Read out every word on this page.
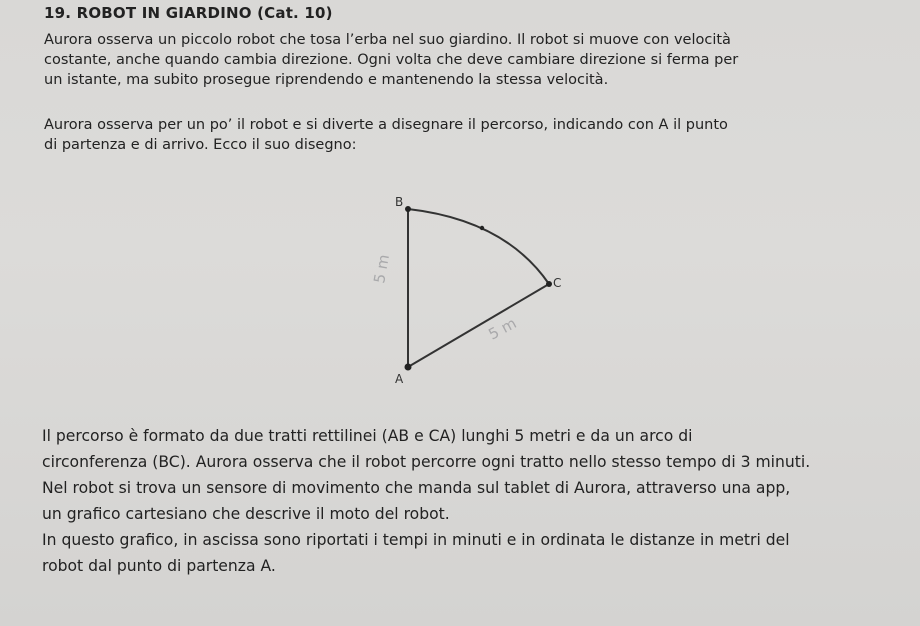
19. ROBOT IN GIARDINO (Cat. 10)
Aurora osserva un piccolo robot che tosa l’erba nel suo giardino. Il robot si muove con velocità
costante, anche quando cambia direzione. Ogni volta che deve cambiare direzione si ferma per
un istante, ma subito prosegue riprendendo e mantenendo la stessa velocità.
Aurora osserva per un po’ il robot e si diverte a disegnare il percorso, indicando con A il punto
di partenza e di arrivo. Ecco il suo disegno:
B
C
A
5 m
5 m
Il percorso è formato da due tratti rettilinei (AB e CA) lunghi 5 metri e da un arco di
circonferenza (BC). Aurora osserva che il robot percorre ogni tratto nello stesso tempo di 3 minuti.
Nel robot si trova un sensore di movimento che manda sul tablet di Aurora, attraverso una app,
un grafico cartesiano che descrive il moto del robot.
In questo grafico, in ascissa sono riportati i tempi in minuti e in ordinata le distanze in metri del
robot dal punto di partenza A.
